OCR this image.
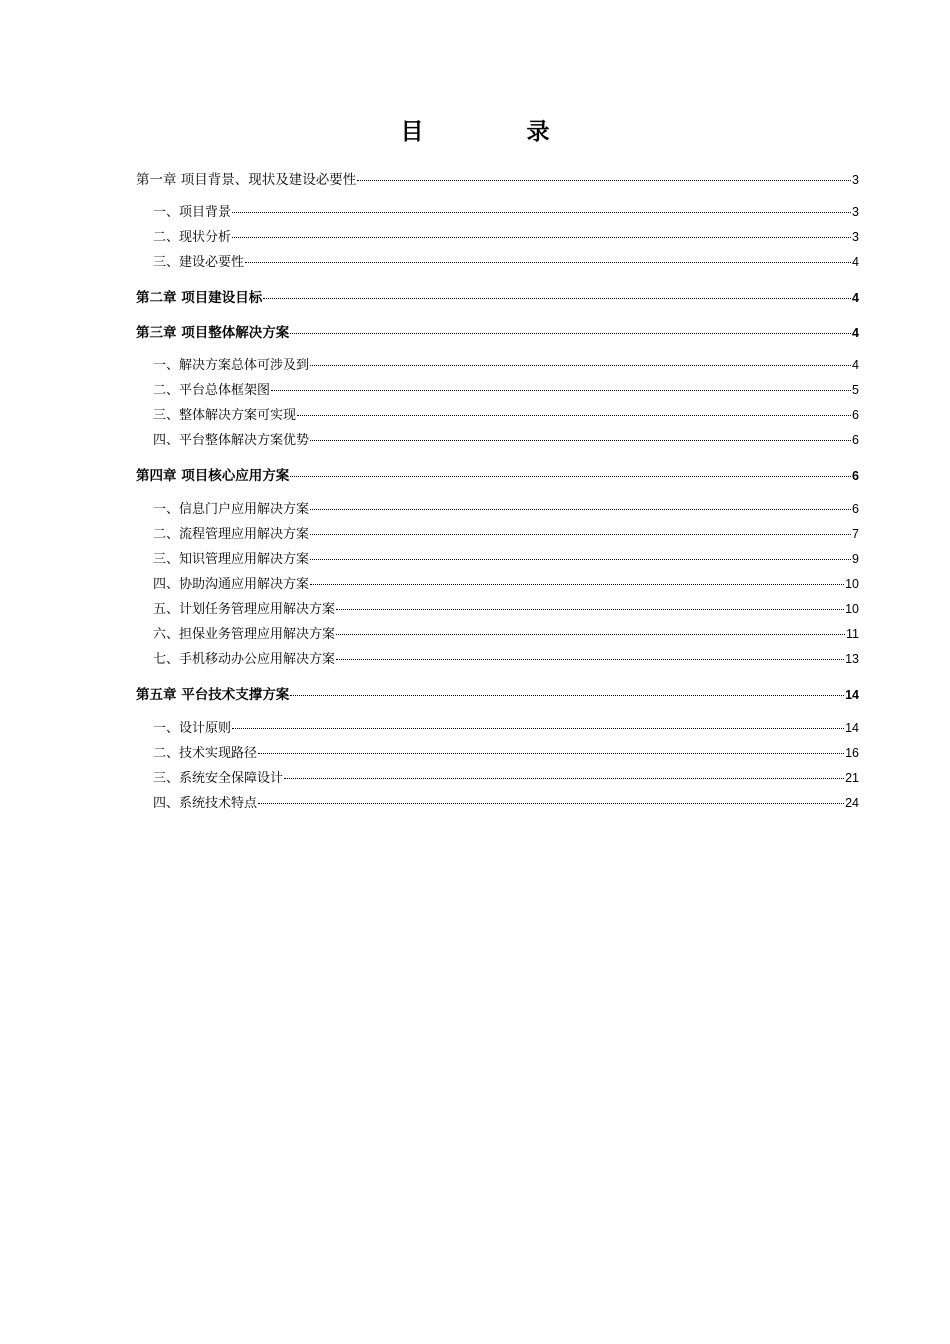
目　录
第一章 项目背景、现状及建设必要性	3
一、项目背景	3
二、现状分析	3
三、建设必要性	4
第二章 项目建设目标	4
第三章 项目整体解决方案	4
一、解决方案总体可涉及到	4
二、平台总体框架图	5
三、整体解决方案可实现	6
四、平台整体解决方案优势	6
第四章 项目核心应用方案	6
一、信息门户应用解决方案	6
二、流程管理应用解决方案	7
三、知识管理应用解决方案	9
四、协助沟通应用解决方案	10
五、计划任务管理应用解决方案	10
六、担保业务管理应用解决方案	11
七、手机移动办公应用解决方案	13
第五章 平台技术支撑方案	14
一、设计原则	14
二、技术实现路径	16
三、系统安全保障设计	21
四、系统技术特点	24
